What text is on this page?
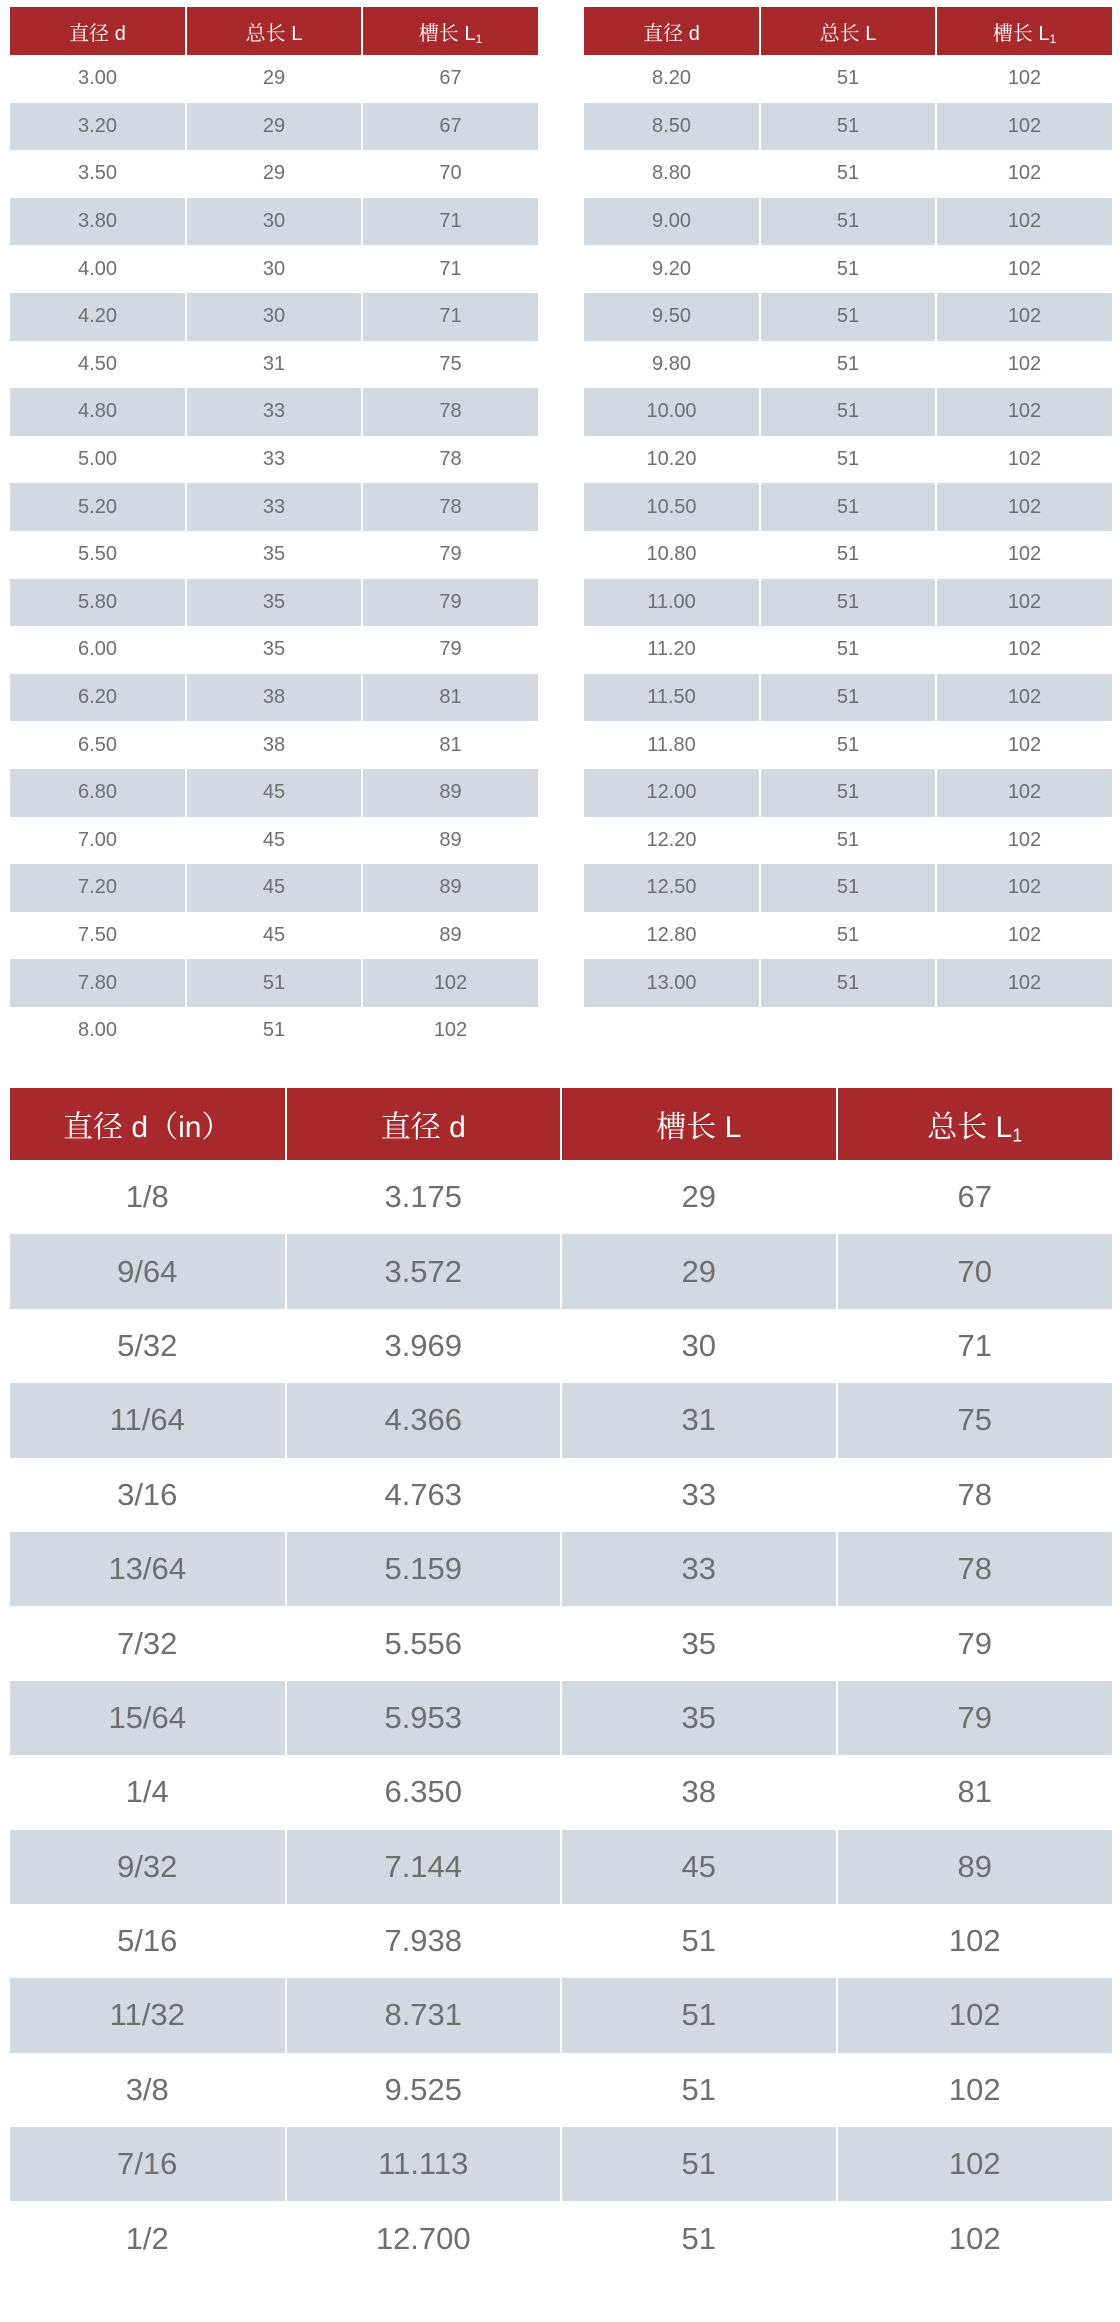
直径 d	总长 L	槽长 $L_1$
3.00	29	67
3.20	29	67
3.50	29	70
3.80	30	71
4.00	30	71
4.20	30	71
4.50	31	75
4.80	33	78
5.00	33	78
5.20	33	78
5.50	35	79
5.80	35	79
6.00	35	79
6.20	38	81
6.50	38	81
6.80	45	89
7.00	45	89
7.20	45	89
7.50	45	89
7.80	51	102
8.00	51	102
直径 d	总长 L	槽长 $L_1$
8.20	51	102
8.50	51	102
8.80	51	102
9.00	51	102
9.20	51	102
9.50	51	102
9.80	51	102
10.00	51	102
10.20	51	102
10.50	51	102
10.80	51	102
11.00	51	102
11.20	51	102
11.50	51	102
11.80	51	102
12.00	51	102
12.20	51	102
12.50	51	102
12.80	51	102
13.00	51	102
直径 d（in）	直径 d	槽长 L	总长 $L_1$
1/8	3.175	29	67
9/64	3.572	29	70
5/32	3.969	30	71
11/64	4.366	31	75
3/16	4.763	33	78
13/64	5.159	33	78
7/32	5.556	35	79
15/64	5.953	35	79
1/4	6.350	38	81
9/32	7.144	45	89
5/16	7.938	51	102
11/32	8.731	51	102
3/8	9.525	51	102
7/16	11.113	51	102
1/2	12.700	51	102
